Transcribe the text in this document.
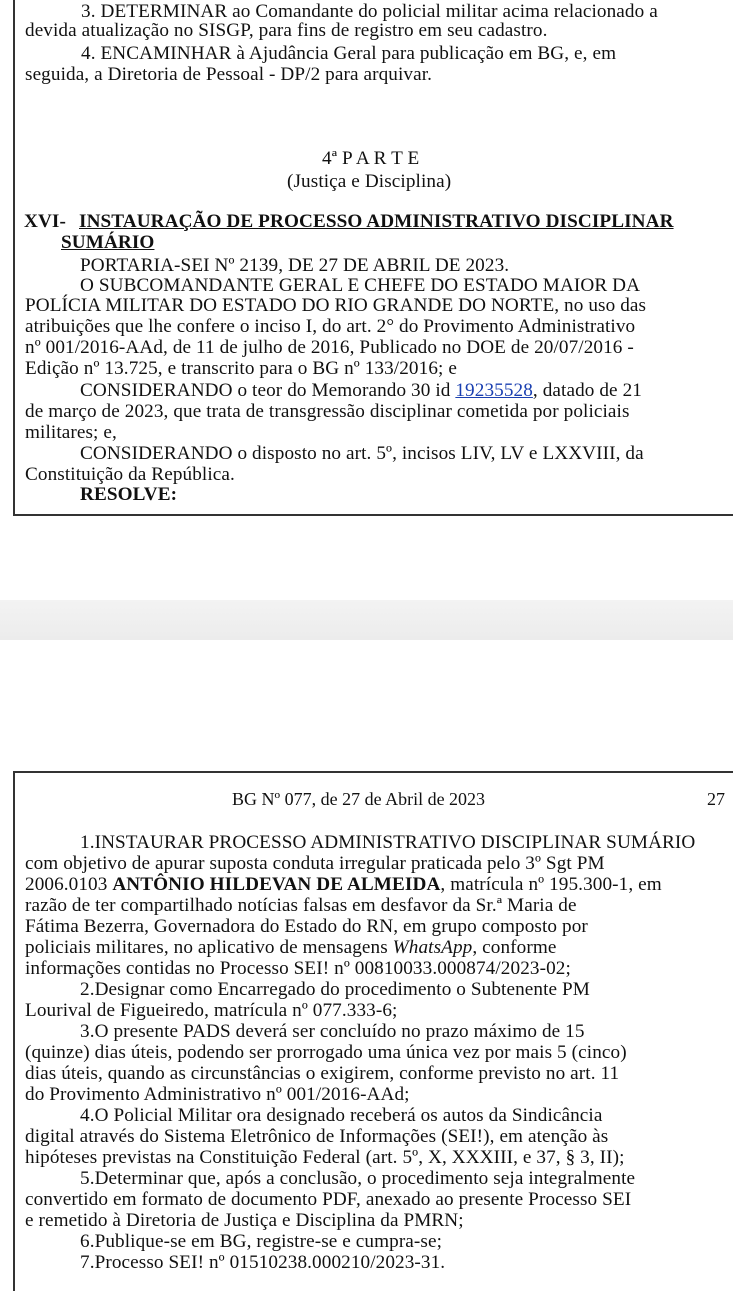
3. DETERMINAR ao Comandante do policial militar acima relacionado a
devida atualização no SISGP, para fins de registro em seu cadastro.
4. ENCAMINHAR à Ajudância Geral para publicação em BG, e, em
seguida, a Diretoria de Pessoal - DP/2 para arquivar.
4ª P A R T E
(Justiça e Disciplina)
XVI- INSTAURAÇÃO DE PROCESSO ADMINISTRATIVO DISCIPLINAR
SUMÁRIO
PORTARIA-SEI Nº 2139, DE 27 DE ABRIL DE 2023.
O SUBCOMANDANTE GERAL E CHEFE DO ESTADO MAIOR DA
POLÍCIA MILITAR DO ESTADO DO RIO GRANDE DO NORTE, no uso das
atribuições que lhe confere o inciso I, do art. 2° do Provimento Administrativo
nº 001/2016-AAd, de 11 de julho de 2016, Publicado no DOE de 20/07/2016 -
Edição nº 13.725, e transcrito para o BG nº 133/2016; e
CONSIDERANDO o teor do Memorando 30 id 19235528, datado de 21
de março de 2023, que trata de transgressão disciplinar cometida por policiais
militares; e,
CONSIDERANDO o disposto no art. 5º, incisos LIV, LV e LXXVIII, da
Constituição da República.
RESOLVE:
BG Nº 077, de 27 de Abril de 2023	27
1.INSTAURAR PROCESSO ADMINISTRATIVO DISCIPLINAR SUMÁRIO
com objetivo de apurar suposta conduta irregular praticada pelo 3º Sgt PM
2006.0103 ANTÔNIO HILDEVAN DE ALMEIDA, matrícula nº 195.300-1, em
razão de ter compartilhado notícias falsas em desfavor da Sr.ª Maria de
Fátima Bezerra, Governadora do Estado do RN, em grupo composto por
policiais militares, no aplicativo de mensagens WhatsApp, conforme
informações contidas no Processo SEI! nº 00810033.000874/2023-02;
2.Designar como Encarregado do procedimento o Subtenente PM
Lourival de Figueiredo, matrícula nº 077.333-6;
3.O presente PADS deverá ser concluído no prazo máximo de 15
(quinze) dias úteis, podendo ser prorrogado uma única vez por mais 5 (cinco)
dias úteis, quando as circunstâncias o exigirem, conforme previsto no art. 11
do Provimento Administrativo nº 001/2016-AAd;
4.O Policial Militar ora designado receberá os autos da Sindicância
digital através do Sistema Eletrônico de Informações (SEI!), em atenção às
hipóteses previstas na Constituição Federal (art. 5º, X, XXXIII, e 37, § 3, II);
5.Determinar que, após a conclusão, o procedimento seja integralmente
convertido em formato de documento PDF, anexado ao presente Processo SEI
e remetido à Diretoria de Justiça e Disciplina da PMRN;
6.Publique-se em BG, registre-se e cumpra-se;
7.Processo SEI! nº 01510238.000210/2023-31.
